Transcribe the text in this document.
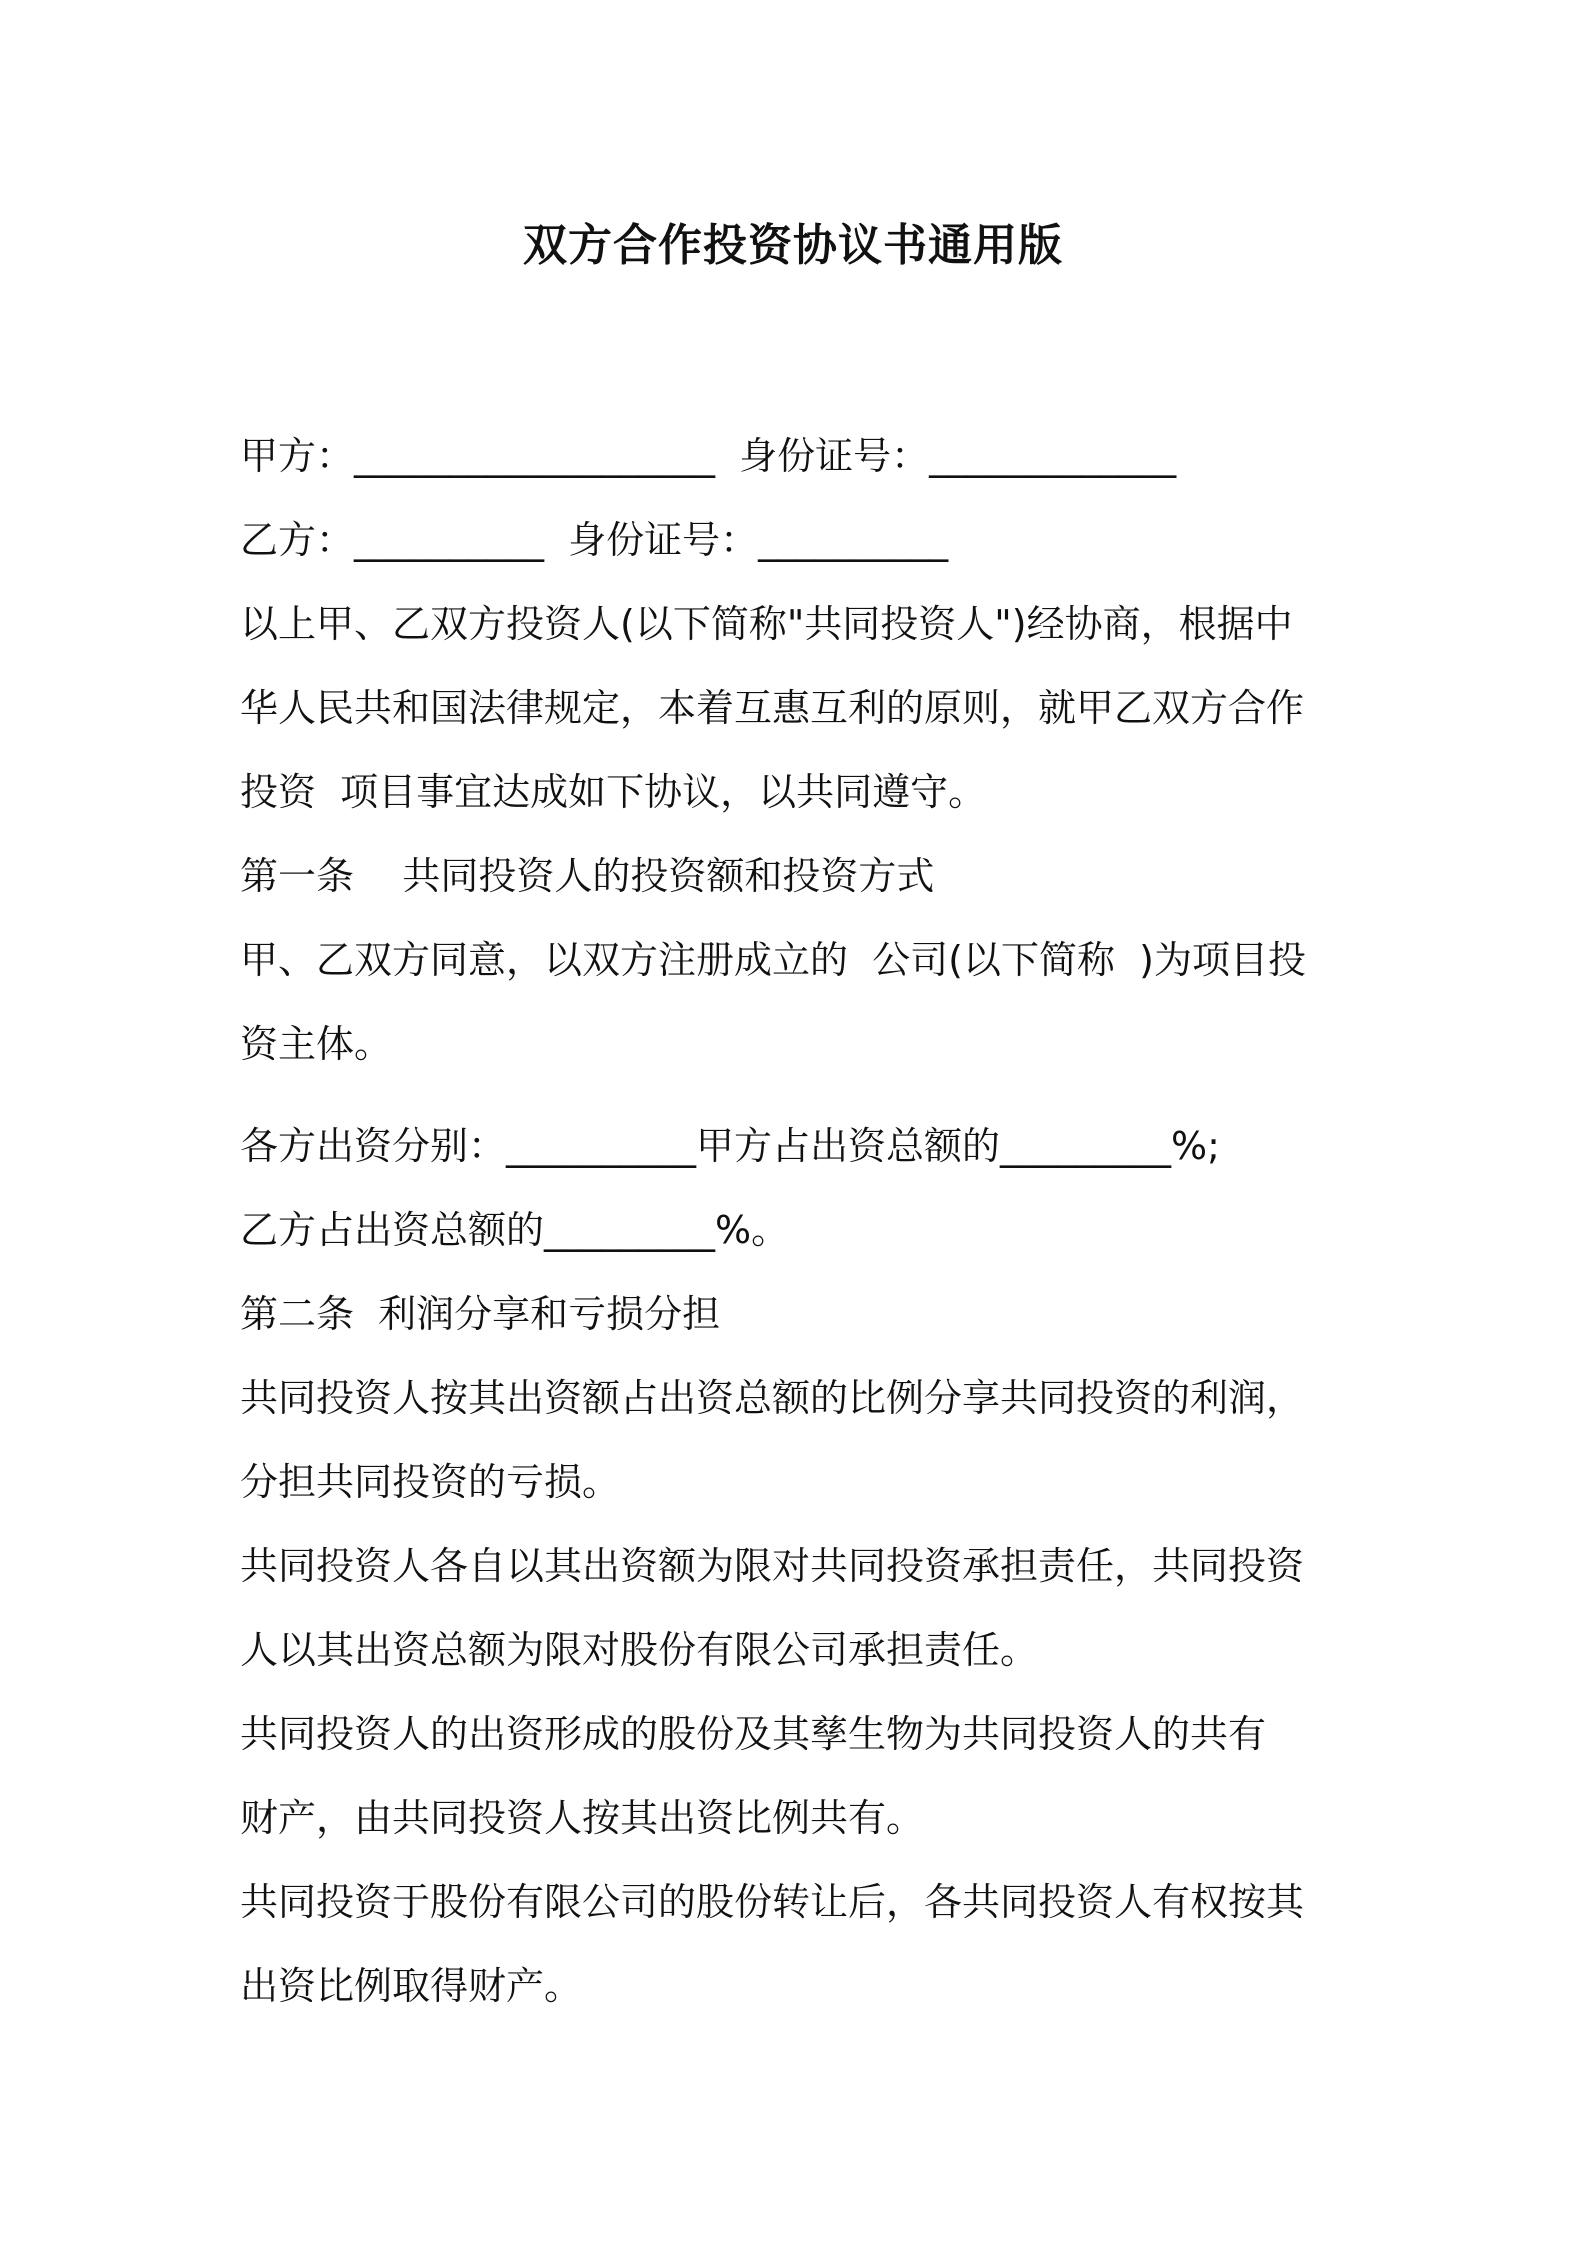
双方合作投资协议书通用版
甲方：___________________  身份证号：_____________
乙方：__________  身份证号：__________
以上甲、乙双方投资人(以下简称"共同投资人")经协商，根据中
华人民共和国法律规定，本着互惠互利的原则，就甲乙双方合作
投资  项目事宜达成如下协议，以共同遵守。
第一条    共同投资人的投资额和投资方式
甲、乙双方同意，以双方注册成立的  公司(以下简称  )为项目投
资主体。
各方出资分别：__________甲方占出资总额的_________%;
乙方占出资总额的_________%。
第二条  利润分享和亏损分担
共同投资人按其出资额占出资总额的比例分享共同投资的利润，
分担共同投资的亏损。
共同投资人各自以其出资额为限对共同投资承担责任，共同投资
人以其出资总额为限对股份有限公司承担责任。
共同投资人的出资形成的股份及其孳生物为共同投资人的共有
财产，由共同投资人按其出资比例共有。
共同投资于股份有限公司的股份转让后，各共同投资人有权按其
出资比例取得财产。
